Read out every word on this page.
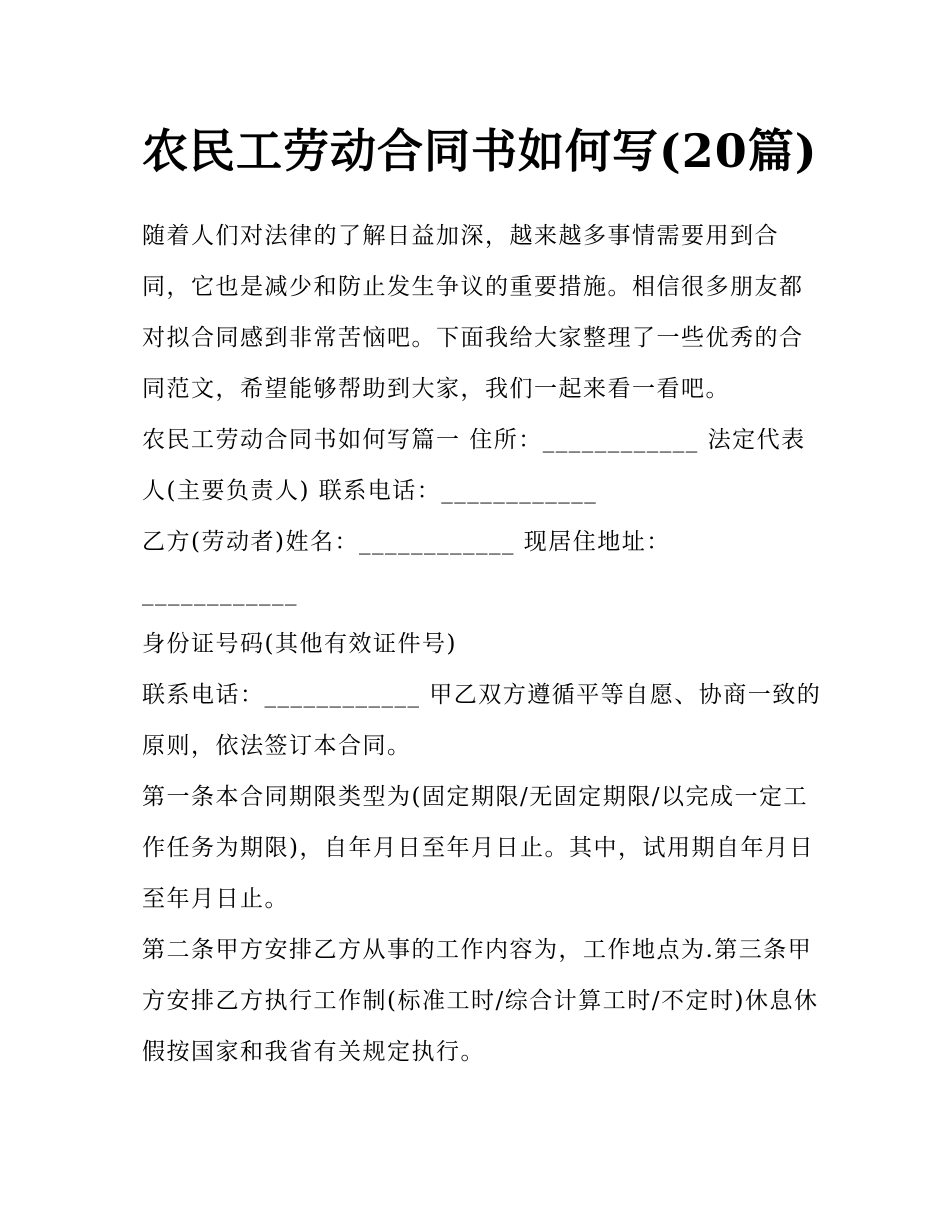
农民工劳动合同书如何写(20篇)

随着人们对法律的了解日益加深，越来越多事情需要用到合同，它也是减少和防止发生争议的重要措施。相信很多朋友都对拟合同感到非常苦恼吧。下面我给大家整理了一些优秀的合同范文，希望能够帮助到大家，我们一起来看一看吧。

农民工劳动合同书如何写篇一 住所：____________ 法定代表人(主要负责人) 联系电话：____________

乙方(劳动者)姓名：____________ 现居住地址：____________

身份证号码(其他有效证件号)

联系电话：____________ 甲乙双方遵循平等自愿、协商一致的原则，依法签订本合同。

第一条本合同期限类型为(固定期限/无固定期限/以完成一定工作任务为期限)，自年月日至年月日止。其中，试用期自年月日至年月日止。

第二条甲方安排乙方从事的工作内容为，工作地点为.第三条甲方安排乙方执行工作制(标准工时/综合计算工时/不定时)休息休假按国家和我省有关规定执行。
